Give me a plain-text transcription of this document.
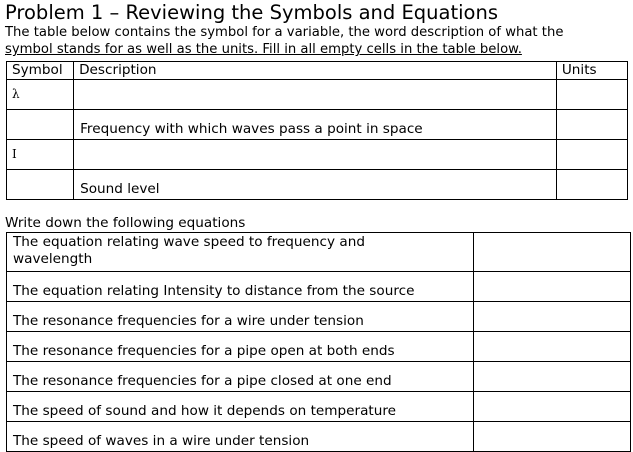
Problem 1 – Reviewing the Symbols and Equations
The table below contains the symbol for a variable, the word description of what the
symbol stands for as well as the units. Fill in all empty cells in the table below.
Symbol	Description	Units
λ		
	Frequency with which waves pass a point in space	
I		
	Sound level	
Write down the following equations
The equation relating wave speed to frequency and
wavelength	
The equation relating Intensity to distance from the source	
The resonance frequencies for a wire under tension	
The resonance frequencies for a pipe open at both ends	
The resonance frequencies for a pipe closed at one end	
The speed of sound and how it depends on temperature	
The speed of waves in a wire under tension	
